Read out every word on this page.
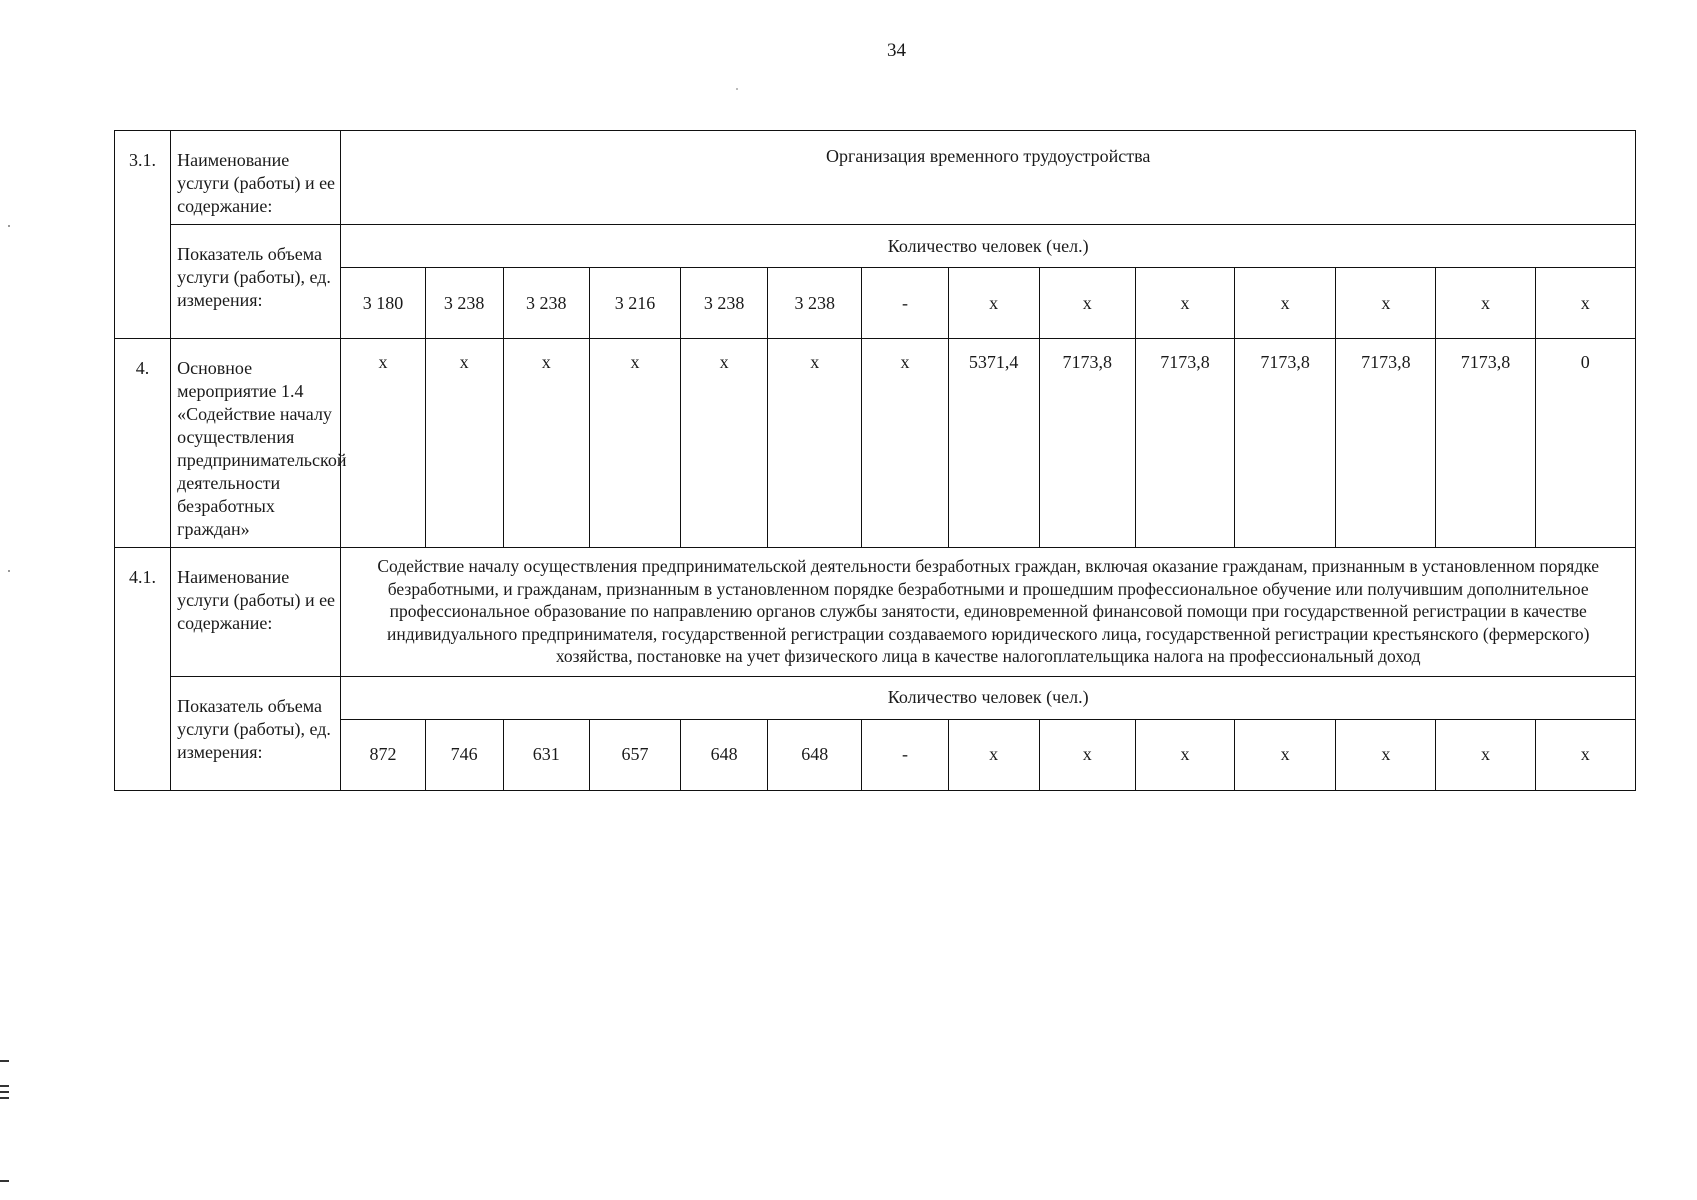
34
3.1.	Наименование услуги (работы) и ее содержание:	Организация временного трудоустройства													
	Показатель объема услуги (работы), ед. измерения:	Количество человек (чел.)													
		3 180	3 238	3 238	3 216	3 238	3 238	-	x	x	x	x	x	x	x
4.	Основное мероприятие 1.4 «Содействие началу осуществления предпринимательской деятельности безработных граждан»	x	x	x	x	x	x	x	5371,4	7173,8	7173,8	7173,8	7173,8	7173,8	0
4.1.	Наименование услуги (работы) и ее содержание:	Содействие началу осуществления предпринимательской деятельности безработных граждан, включая оказание гражданам, признанным в установленном порядке безработными, и гражданам, признанным в установленном порядке безработными и прошедшим профессиональное обучение или получившим дополнительное профессиональное образование по направлению органов службы занятости, единовременной финансовой помощи при государственной регистрации в качестве индивидуального предпринимателя, государственной регистрации создаваемого юридического лица, государственной регистрации крестьянского (фермерского) хозяйства, постановке на учет физического лица в качестве налогоплательщика налога на профессиональный доход													
	Показатель объема услуги (работы), ед. измерения:	Количество человек (чел.)													
		872	746	631	657	648	648	-	x	x	x	x	x	x	x
